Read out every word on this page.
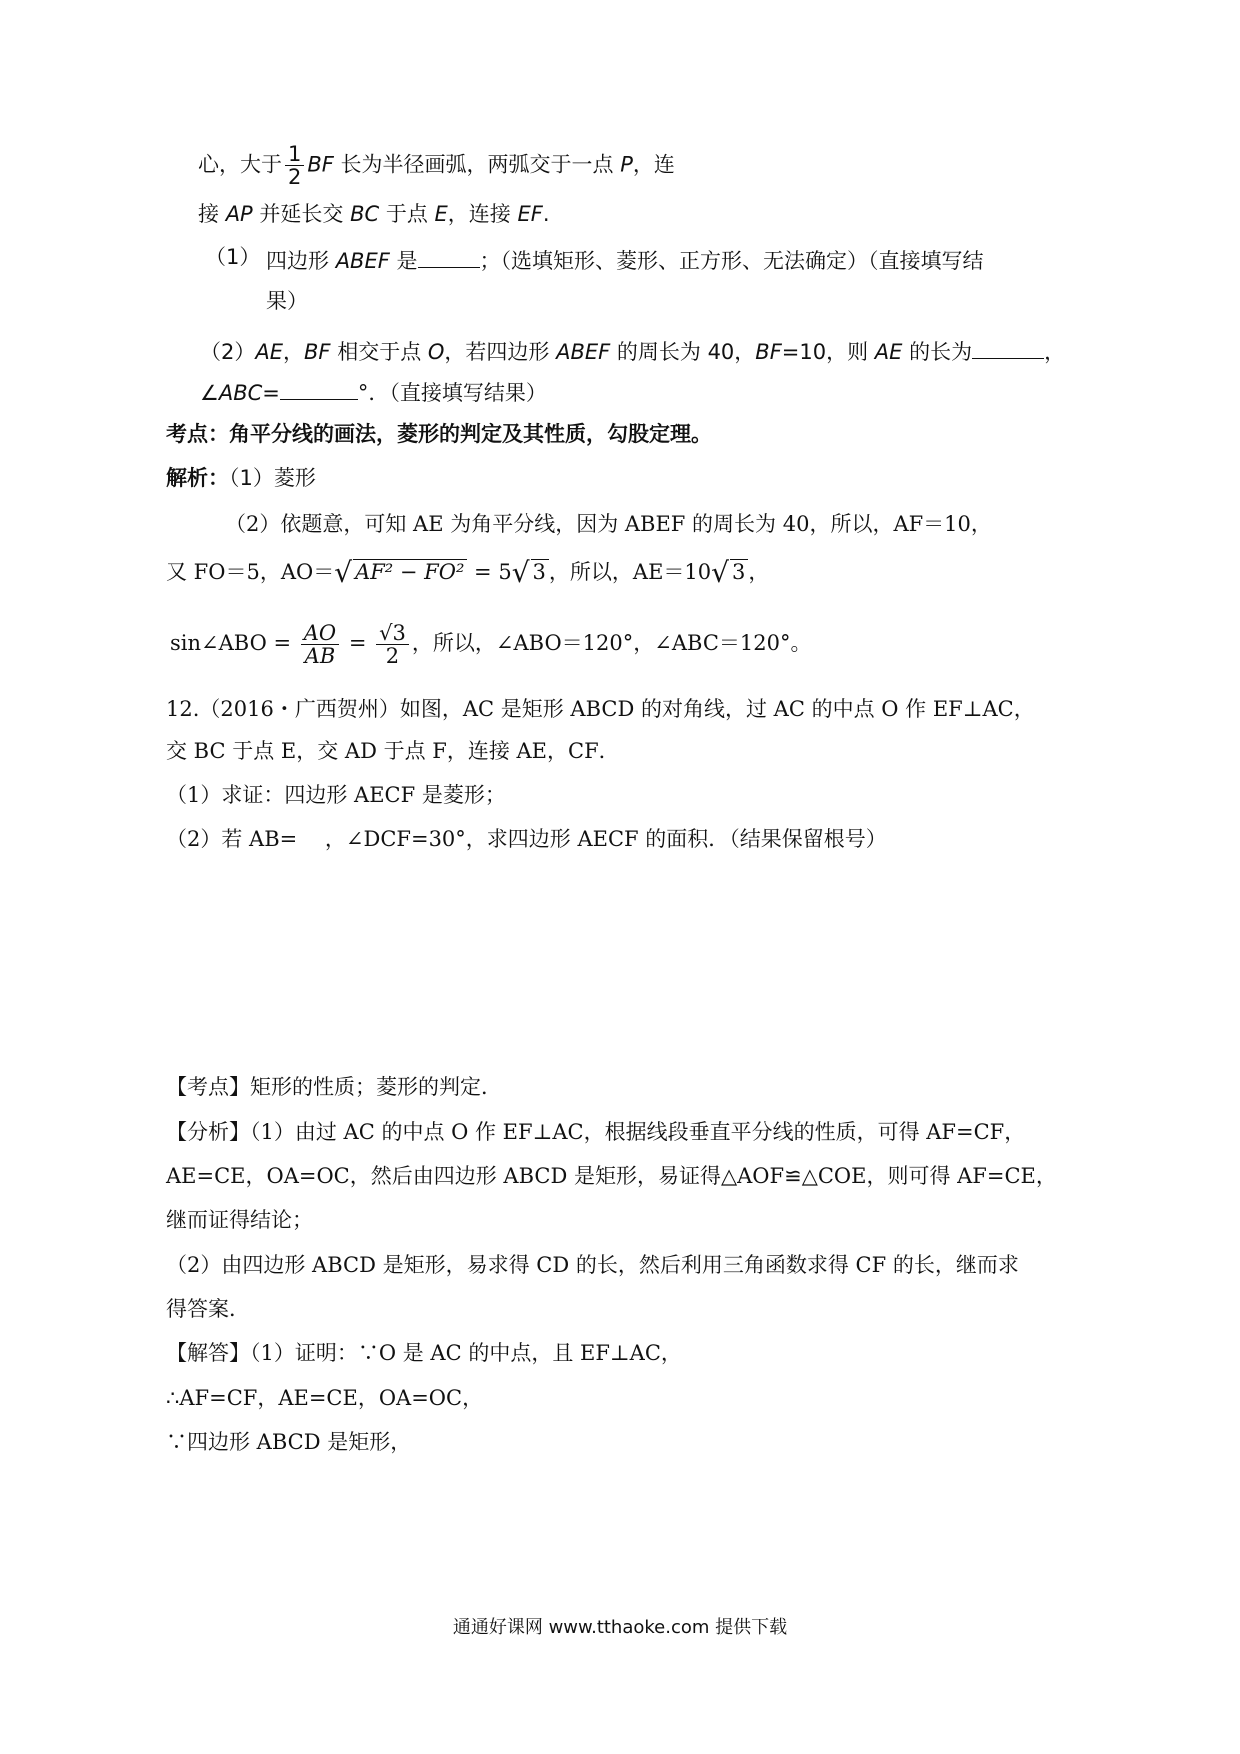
心，大于 $\frac{1}{2}$ BF 长为半径画弧，两弧交于一点 P，连
接 AP 并延长交 BC 于点 E，连接 EF.
（1） 四边形 ABEF 是	；（选填矩形、菱形、正方形、无法确定）（直接填写结
果）
（2）AE，BF 相交于点 O，若四边形 ABEF 的周长为 40，BF=10，则 AE 的长为	，
∠ABC=	°．（直接填写结果）
考点：角平分线的画法，菱形的判定及其性质，勾股定理。
解析：（1）菱形
（2）依题意，可知 AE 为角平分线，因为 ABEF 的周长为 40，所以，AF＝10，
又 FO＝5，AO＝√ AF² − FO² = 5√ 3 ，所以，AE＝10√ 3 ，
sin∠ABO = $\frac{AO}{AB} = \frac{√3}{2}$ ，所以，∠ABO＝120°，∠ABC＝120°。
12.（2016・广西贺州）如图，AC 是矩形 ABCD 的对角线，过 AC 的中点 O 作 EF⊥AC，
交 BC 于点 E，交 AD 于点 F，连接 AE，CF．
（1）求证：四边形 AECF 是菱形；
（2）若 AB=　 ，∠DCF=30°，求四边形 AECF 的面积．（结果保留根号）
【考点】矩形的性质；菱形的判定．
【分析】（1）由过 AC 的中点 O 作 EF⊥AC，根据线段垂直平分线的性质，可得 AF=CF，
AE=CE，OA=OC，然后由四边形 ABCD 是矩形，易证得△AOF≌△COE，则可得 AF=CE，
继而证得结论；
（2）由四边形 ABCD 是矩形，易求得 CD 的长，然后利用三角函数求得 CF 的长，继而求
得答案．
【解答】（1）证明：∵O 是 AC 的中点，且 EF⊥AC，
∴AF=CF，AE=CE，OA=OC，
∵四边形 ABCD 是矩形，
通通好课网 www.tthaoke.com 提供下载
